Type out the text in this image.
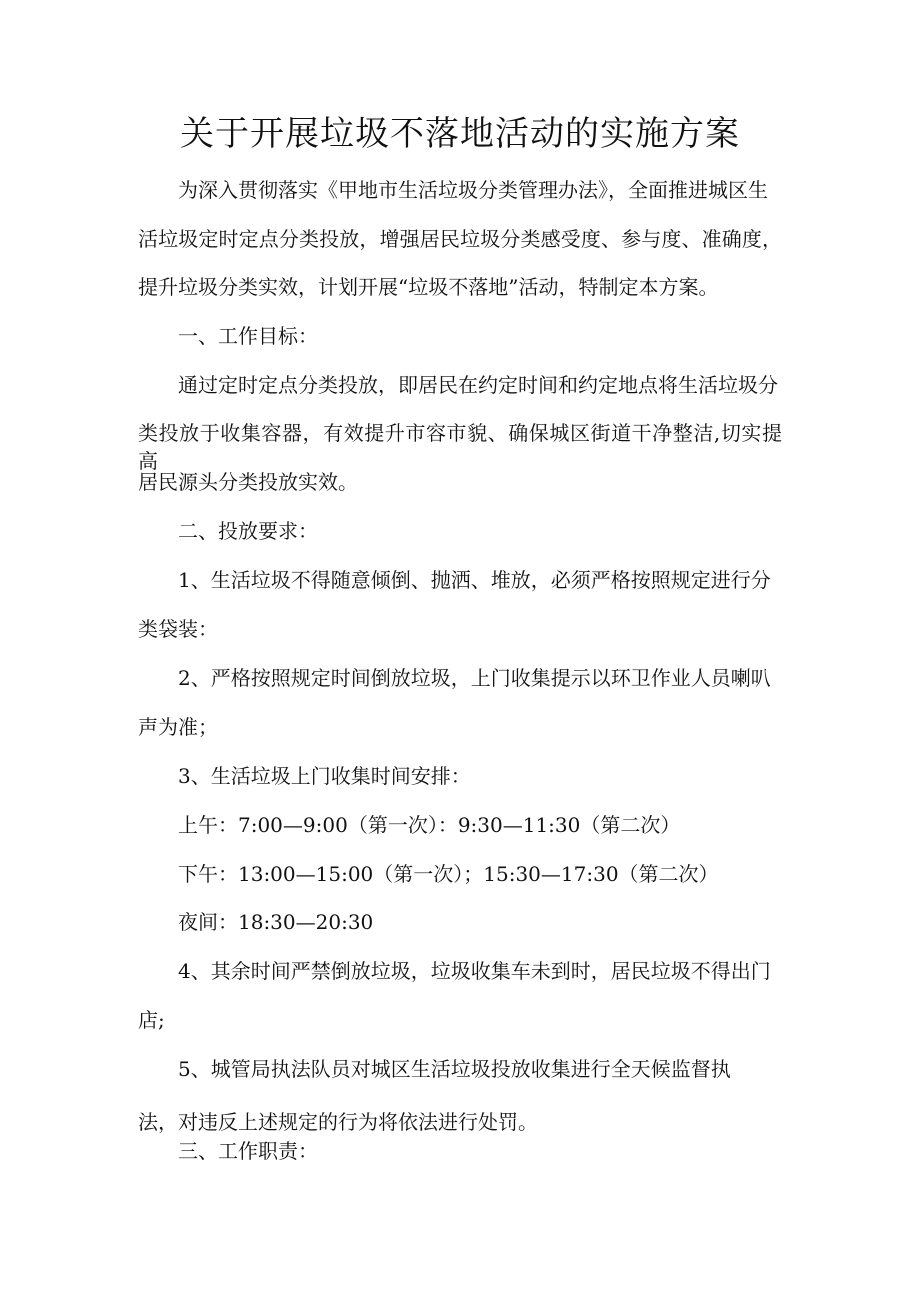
关于开展垃圾不落地活动的实施方案

为深入贯彻落实《甲地市生活垃圾分类管理办法》，全面推进城区生

活垃圾定时定点分类投放，增强居民垃圾分类感受度、参与度、准确度，

提升垃圾分类实效，计划开展“垃圾不落地”活动，特制定本方案。

一、工作目标：

通过定时定点分类投放，即居民在约定时间和约定地点将生活垃圾分

类投放于收集容器，有效提升市容市貌、确保城区街道干净整洁,切实提高

居民源头分类投放实效。

二、投放要求：

1、生活垃圾不得随意倾倒、抛洒、堆放，必须严格按照规定进行分

类袋装：

2、严格按照规定时间倒放垃圾，上门收集提示以环卫作业人员喇叭

声为准；

3、生活垃圾上门收集时间安排：

上午：7:00—9:00（第一次）：9:30—11:30（第二次）

下午：13:00—15:00（第一次）；15:30—17:30（第二次）

夜间：18:30—20:30

4、其余时间严禁倒放垃圾，垃圾收集车未到时，居民垃圾不得出门

店;

5、城管局执法队员对城区生活垃圾投放收集进行全天候监督执

法，对违反上述规定的行为将依法进行处罚。

三、工作职责：
